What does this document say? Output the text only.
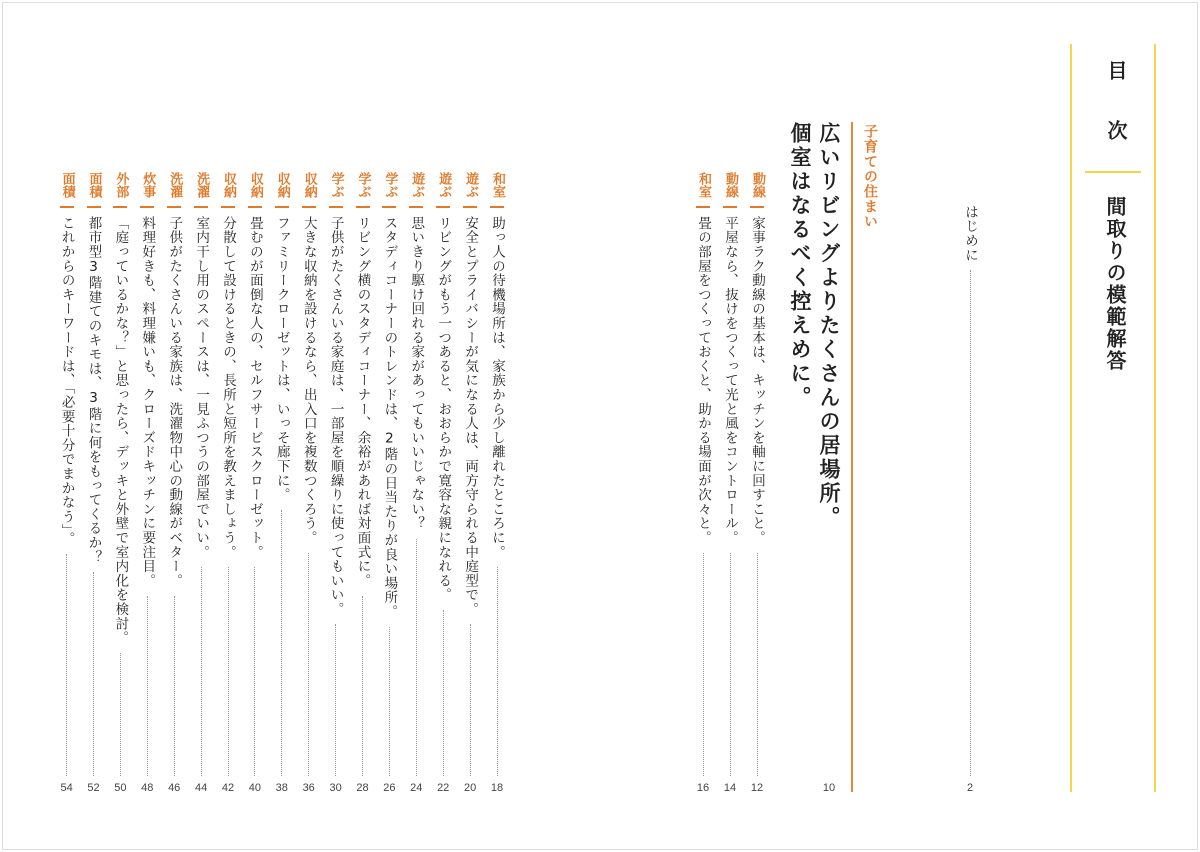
目
次
間取りの模範解答
はじめに
2
子育ての住まい
広いリビングよりたくさんの居場所。
10
個室はなるべく控えめに。
動線
家事ラク動線の基本は、キッチンを軸に回すこと。
12
動線
平屋なら、抜けをつくって光と風をコントロール。
14
和室
畳の部屋をつくっておくと、助かる場面が次々と。
16
和室
助っ人の待機場所は、家族から少し離れたところに。
18
遊ぶ
安全とプライバシーが気になる人は、両方守られる中庭型で。
20
遊ぶ
リビングがもう一つあると、おおらかで寛容な親になれる。
22
遊ぶ
思いきり駆け回れる家があってもいいじゃない？
24
学ぶ
スタディコーナーのトレンドは、2階の日当たりが良い場所。
26
学ぶ
リビング横のスタディコーナー、余裕があれば対面式に。
28
学ぶ
子供がたくさんいる家庭は、一部屋を順繰りに使ってもいい。
30
収納
大きな収納を設けるなら、出入口を複数つくろう。
36
収納
ファミリークローゼットは、いっそ廊下に。
38
収納
畳むのが面倒な人の、セルフサービスクローゼット。
40
収納
分散して設けるときの、長所と短所を教えましょう。
42
洗濯
室内干し用のスペースは、一見ふつうの部屋でいい。
44
洗濯
子供がたくさんいる家族は、洗濯物中心の動線がベター。
46
炊事
料理好きも、料理嫌いも、クローズドキッチンに要注目。
48
外部
「庭っているかな？」と思ったら、デッキと外壁で室内化を検討。
50
面積
都市型3階建てのキモは、3階に何をもってくるか？
52
面積
これからのキーワードは、「必要十分でまかなう」。
54
